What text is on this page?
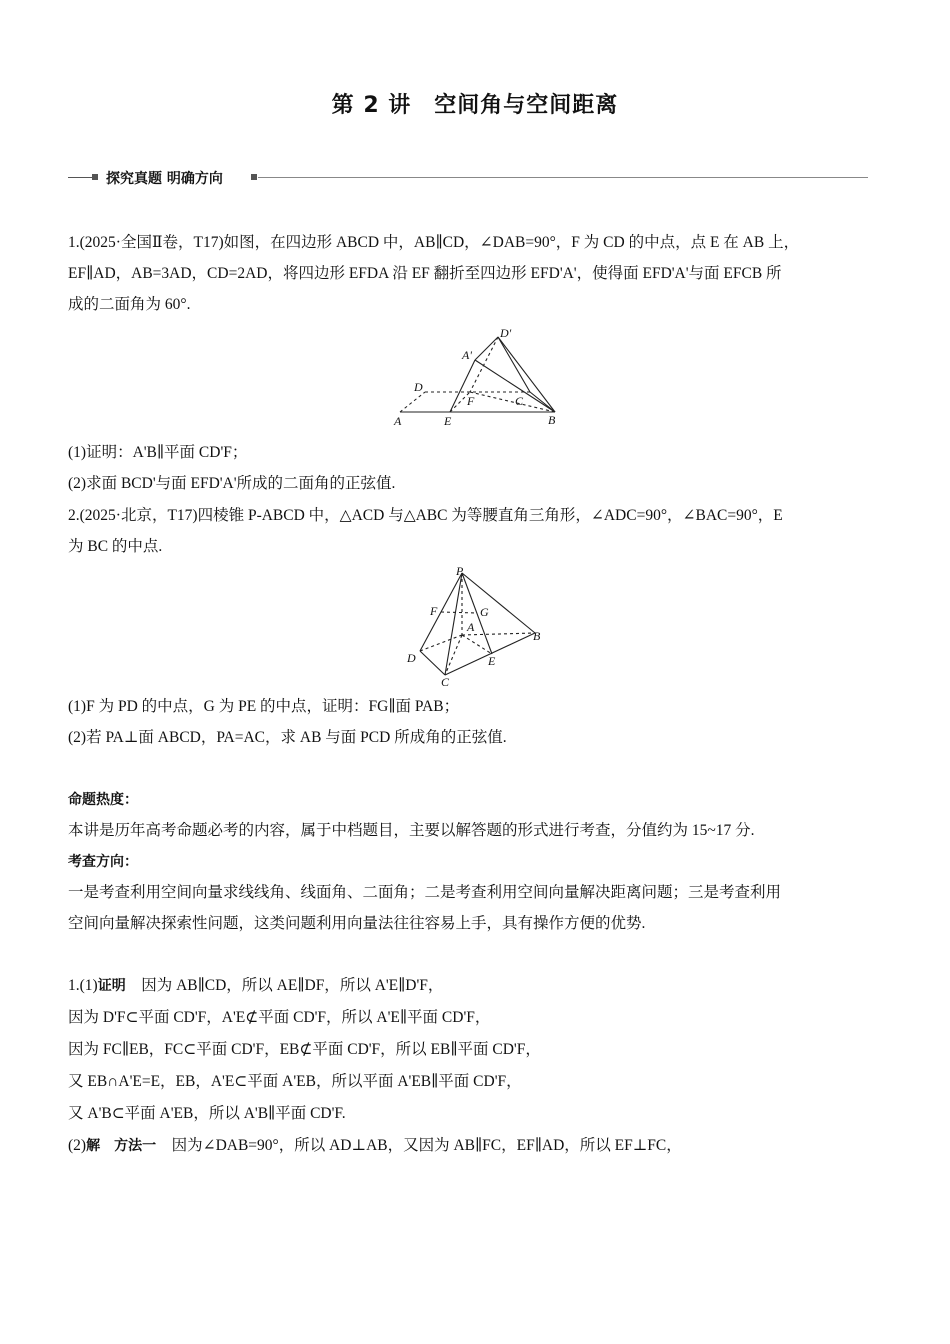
第 2 讲　空间角与空间距离
探究真题 明确方向
1.(2025·全国Ⅱ卷，T17)如图，在四边形 ABCD 中，AB∥CD，∠DAB=90°，F 为 CD 的中点，点 E 在 AB 上，
EF∥AD，AB=3AD，CD=2AD，将四边形 EFDA 沿 EF 翻折至四边形 EFD'A'，使得面 EFD'A'与面 EFCB 所
成的二面角为 60°.
D'
A'
D
F	C
A	E	B
(1)证明：A'B∥平面 CD'F；
(2)求面 BCD'与面 EFD'A'所成的二面角的正弦值.
2.(2025·北京，T17)四棱锥 P-ABCD 中，△ACD 与△ABC 为等腰直角三角形，∠ADC=90°，∠BAC=90°，E
为 BC 的中点.
P
F	G
A
B
D	E
C
(1)F 为 PD 的中点，G 为 PE 的中点，证明：FG∥面 PAB；
(2)若 PA⊥面 ABCD，PA=AC，求 AB 与面 PCD 所成角的正弦值.
命题热度：
本讲是历年高考命题必考的内容，属于中档题目，主要以解答题的形式进行考查，分值约为 15~17 分.
考查方向：
一是考查利用空间向量求线线角、线面角、二面角；二是考查利用空间向量解决距离问题；三是考查利用
空间向量解决探索性问题，这类问题利用向量法往往容易上手，具有操作方便的优势.
1.(1)证明　因为 AB∥CD，所以 AE∥DF，所以 A'E∥D'F，
因为 D'F⊂平面 CD'F，A'E⊄平面 CD'F，所以 A'E∥平面 CD'F，
因为 FC∥EB，FC⊂平面 CD'F，EB⊄平面 CD'F，所以 EB∥平面 CD'F，
又 EB∩A'E=E，EB，A'E⊂平面 A'EB，所以平面 A'EB∥平面 CD'F，
又 A'B⊂平面 A'EB，所以 A'B∥平面 CD'F.
(2)解　方法一　因为∠DAB=90°，所以 AD⊥AB，又因为 AB∥FC，EF∥AD，所以 EF⊥FC，
